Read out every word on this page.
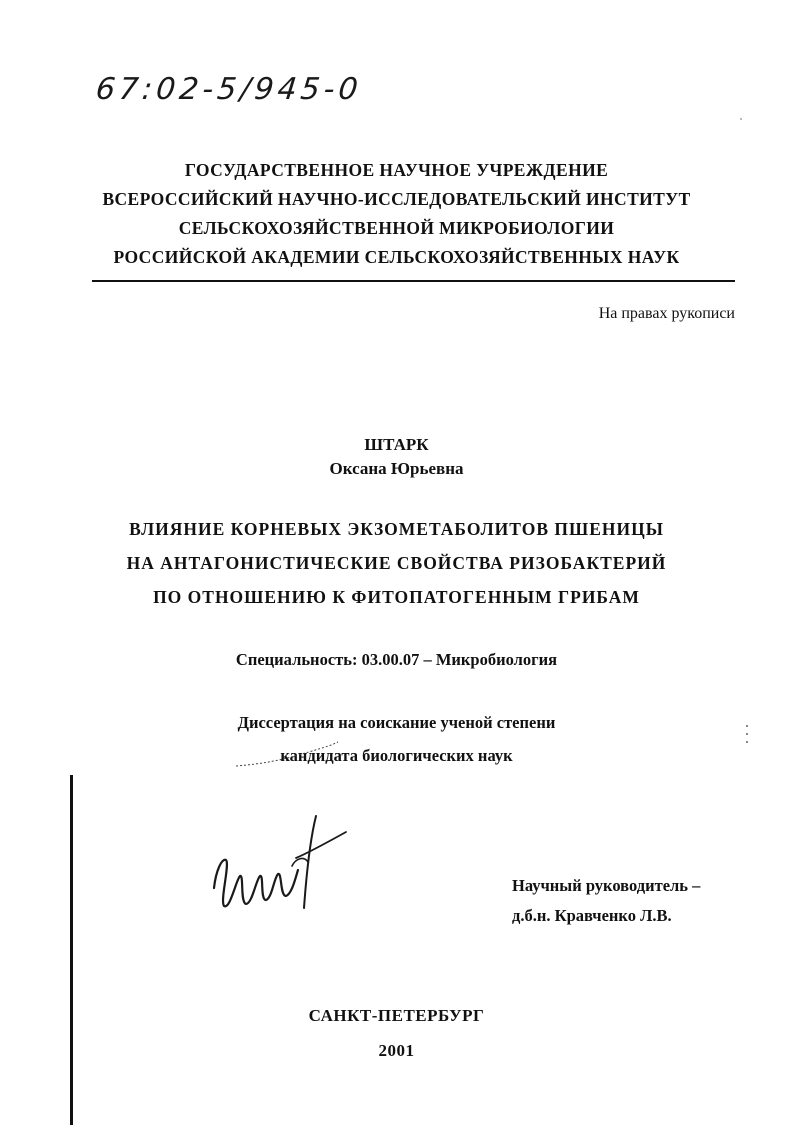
67:02-5/945-0
ГОСУДАРСТВЕННОЕ НАУЧНОЕ УЧРЕЖДЕНИЕ
ВСЕРОССИЙСКИЙ НАУЧНО-ИССЛЕДОВАТЕЛЬСКИЙ ИНСТИТУТ
СЕЛЬСКОХОЗЯЙСТВЕННОЙ МИКРОБИОЛОГИИ
РОССИЙСКОЙ АКАДЕМИИ СЕЛЬСКОХОЗЯЙСТВЕННЫХ НАУК
На правах рукописи
ШТАРК
Оксана Юрьевна
ВЛИЯНИЕ КОРНЕВЫХ ЭКЗОМЕТАБОЛИТОВ ПШЕНИЦЫ
НА АНТАГОНИСТИЧЕСКИЕ СВОЙСТВА РИЗОБАКТЕРИЙ
ПО ОТНОШЕНИЮ К ФИТОПАТОГЕННЫМ ГРИБАМ
Специальность: 03.00.07 – Микробиология
Диссертация на соискание ученой степени
кандидата биологических наук
Научный руководитель –
д.б.н. Кравченко Л.В.
САНКТ-ПЕТЕРБУРГ
2001
